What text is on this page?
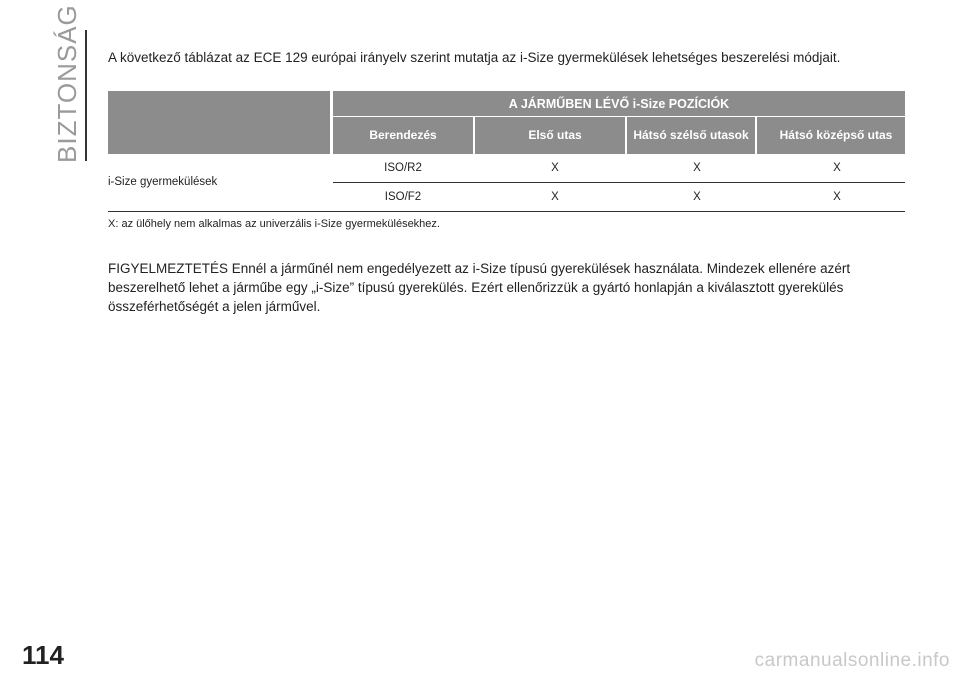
BIZTONSÁG
114
A következő táblázat az ECE 129 európai irányelv szerint mutatja az i-Size gyermekülések lehetséges beszerelési módjait.
A JÁRMŰBEN LÉVŐ i-Size POZÍCIÓK
Berendezés	Első utas	Hátsó szélső utasok	Hátsó középső utas
i-Size gyermekülések
ISO/R2	X	X	X
ISO/F2	X	X	X
X: az ülőhely nem alkalmas az univerzális i-Size gyermekülésekhez.

FIGYELMEZTETÉS Ennél a járműnél nem engedélyezett az i-Size típusú gyerekülések használata. Mindezek ellenére azért

beszerelhető lehet a járműbe egy „i-Size” típusú gyerekülés. Ezért ellenőrizzük a gyártó honlapján a kiválasztott gyerekülés

összeférhetőségét a jelen járművel.

carmanualsonline.info
